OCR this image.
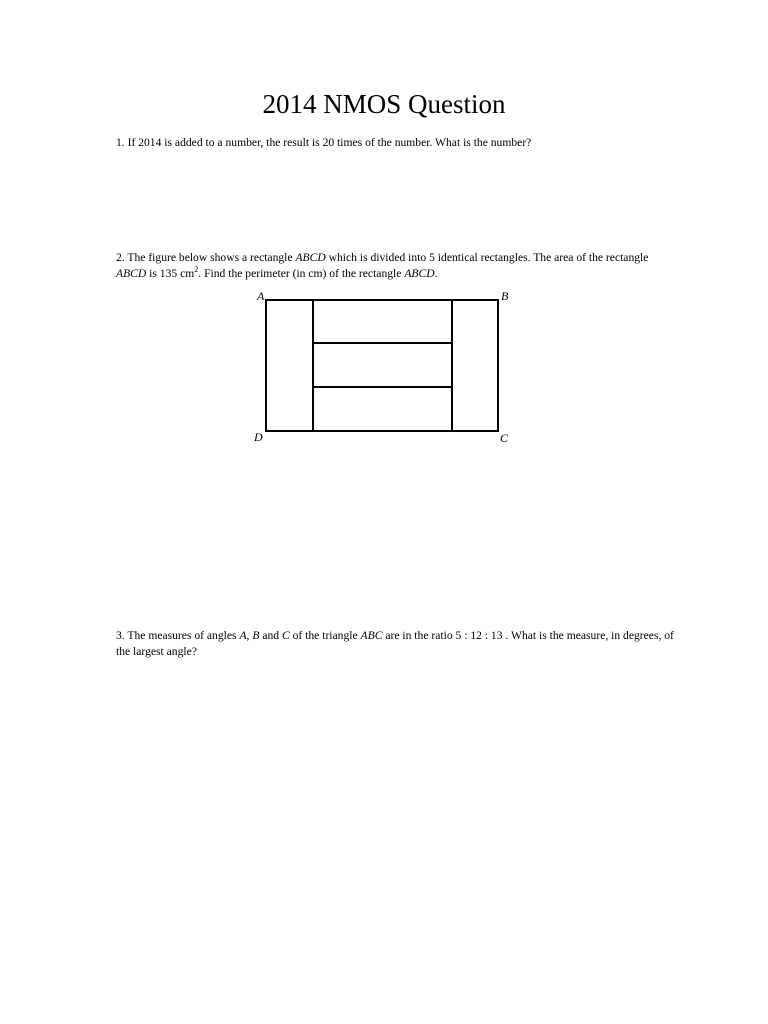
2014 NMOS Question

1. If 2014 is added to a number, the result is 20 times of the number. What is the number?

2. The figure below shows a rectangle ABCD which is divided into 5 identical rectangles. The area of the rectangle ABCD is 135 $cm^2$. Find the perimeter (in cm) of the rectangle ABCD.

A	B
C
D

3. The measures of angles A, B and C of the triangle ABC are in the ratio 5 : 12 : 13 . What is the measure, in degrees, of the largest angle?
